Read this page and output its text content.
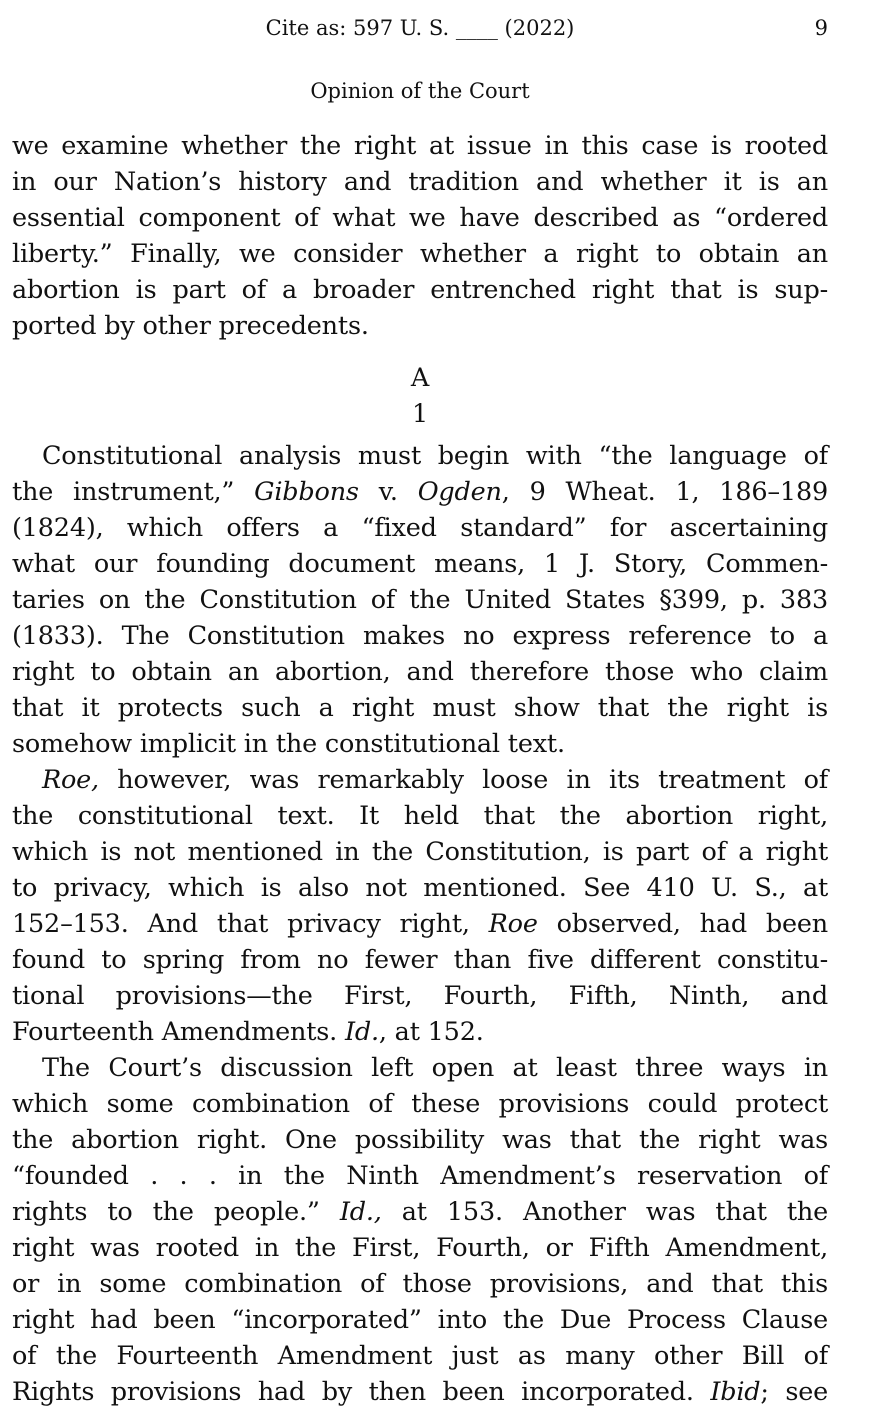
Cite as: 597 U. S. ____ (2022)	9
Opinion of the Court
we examine whether the right at issue in this case is rooted
in our Nation’s history and tradition and whether it is an
essential component of what we have described as “ordered
liberty.” Finally, we consider whether a right to obtain an
abortion is part of a broader entrenched right that is sup-
ported by other precedents.
A
1
Constitutional analysis must begin with “the language of
the instrument,” Gibbons v. Ogden, 9 Wheat. 1, 186–189
(1824), which offers a “fixed standard” for ascertaining
what our founding document means, 1 J. Story, Commen-
taries on the Constitution of the United States §399, p. 383
(1833). The Constitution makes no express reference to a
right to obtain an abortion, and therefore those who claim
that it protects such a right must show that the right is
somehow implicit in the constitutional text.
Roe, however, was remarkably loose in its treatment of
the constitutional text. It held that the abortion right,
which is not mentioned in the Constitution, is part of a right
to privacy, which is also not mentioned. See 410 U. S., at
152–153. And that privacy right, Roe observed, had been
found to spring from no fewer than five different constitu-
tional provisions—the First, Fourth, Fifth, Ninth, and
Fourteenth Amendments. Id., at 152.
The Court’s discussion left open at least three ways in
which some combination of these provisions could protect
the abortion right. One possibility was that the right was
“founded . . . in the Ninth Amendment’s reservation of
rights to the people.” Id., at 153. Another was that the
right was rooted in the First, Fourth, or Fifth Amendment,
or in some combination of those provisions, and that this
right had been “incorporated” into the Due Process Clause
of the Fourteenth Amendment just as many other Bill of
Rights provisions had by then been incorporated. Ibid; see
